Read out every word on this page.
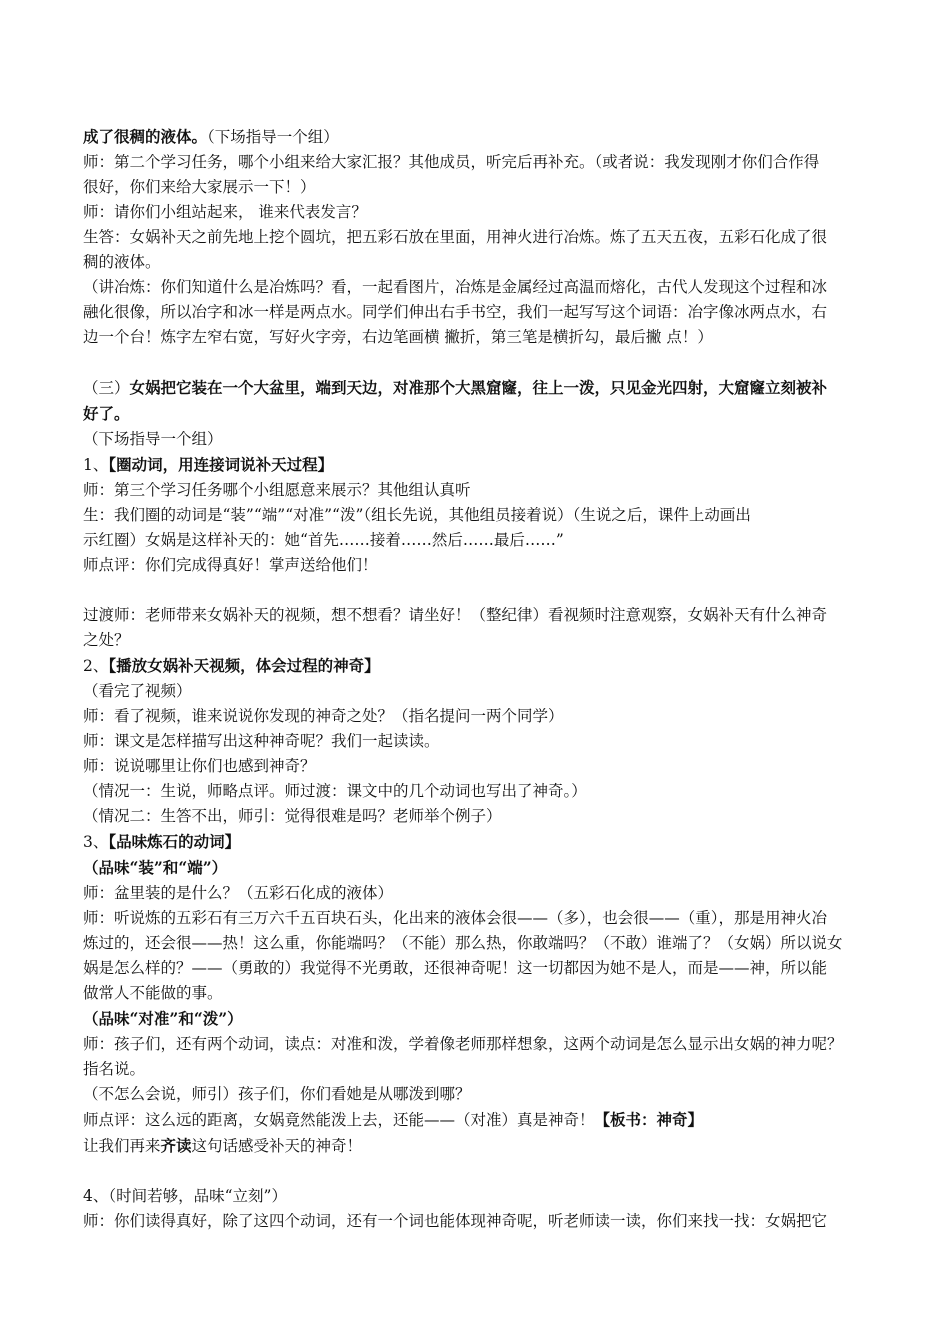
成了很稠的液体。（下场指导一个组）
师：第二个学习任务，哪个小组来给大家汇报？其他成员，听完后再补充。（或者说：我发现刚才你们合作得
很好，你们来给大家展示一下！）
师：请你们小组站起来， 谁来代表发言？
生答：女娲补天之前先地上挖个圆坑，把五彩石放在里面，用神火进行冶炼。炼了五天五夜，五彩石化成了很
稠的液体。
（讲冶炼：你们知道什么是冶炼吗？看，一起看图片，冶炼是金属经过高温而熔化，古代人发现这个过程和冰
融化很像，所以冶字和冰一样是两点水。同学们伸出右手书空，我们一起写写这个词语：冶字像冰两点水，右
边一个台！炼字左窄右宽，写好火字旁，右边笔画横 撇折，第三笔是横折勾，最后撇 点！）
（三）女娲把它装在一个大盆里，端到天边，对准那个大黑窟窿，往上一泼，只见金光四射，大窟窿立刻被补
好了。
（下场指导一个组）
1、【圈动词，用连接词说补天过程】
师：第三个学习任务哪个小组愿意来展示？其他组认真听
生：我们圈的动词是“装”“端”“对准”“泼”（组长先说，其他组员接着说）（生说之后，课件上动画出
示红圈）女娲是这样补天的：她“首先……接着……然后……最后……”
师点评：你们完成得真好！掌声送给他们！
过渡师：老师带来女娲补天的视频，想不想看？请坐好！（整纪律）看视频时注意观察，女娲补天有什么神奇
之处？
2、【播放女娲补天视频，体会过程的神奇】
（看完了视频）
师：看了视频，谁来说说你发现的神奇之处？（指名提问一两个同学）
师：课文是怎样描写出这种神奇呢？我们一起读读。
师：说说哪里让你们也感到神奇？
（情况一：生说，师略点评。师过渡：课文中的几个动词也写出了神奇。）
（情况二：生答不出，师引：觉得很难是吗？老师举个例子）
3、【品味炼石的动词】
（品味“装”和“端”）
师：盆里装的是什么？（五彩石化成的液体）
师：听说炼的五彩石有三万六千五百块石头，化出来的液体会很——（多），也会很——（重），那是用神火冶
炼过的，还会很——热！这么重，你能端吗？（不能）那么热，你敢端吗？（不敢）谁端了？（女娲）所以说女
娲是怎么样的？——（勇敢的）我觉得不光勇敢，还很神奇呢！这一切都因为她不是人，而是——神，所以能
做常人不能做的事。
（品味“对准”和“泼”）
师：孩子们，还有两个动词，读点：对准和泼，学着像老师那样想象，这两个动词是怎么显示出女娲的神力呢？
指名说。
（不怎么会说，师引）孩子们，你们看她是从哪泼到哪？
师点评：这么远的距离，女娲竟然能泼上去，还能——（对准）真是神奇！【板书：神奇】
让我们再来齐读这句话感受补天的神奇！
4、（时间若够，品味“立刻”）
师：你们读得真好，除了这四个动词，还有一个词也能体现神奇呢，听老师读一读，你们来找一找：女娲把它
